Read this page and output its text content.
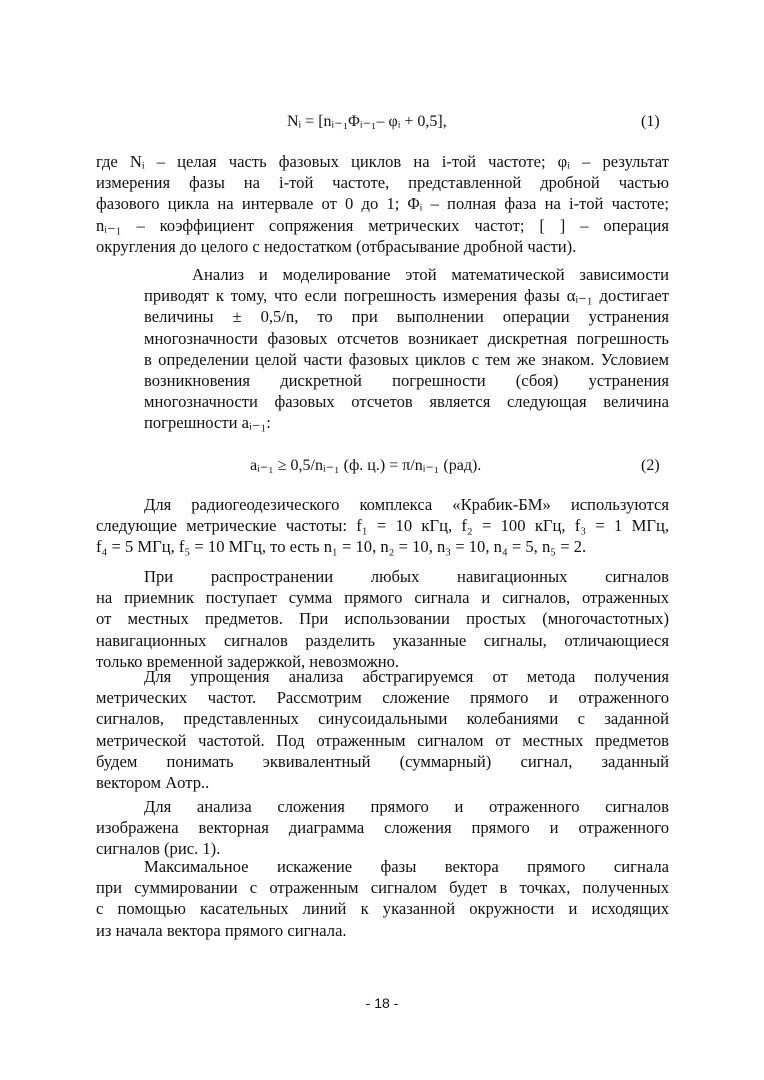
Nᵢ = [nᵢ₋₁Φᵢ₋₁– φᵢ + 0,5],	(1)
где Nᵢ – целая часть фазовых циклов на i-той частоте; φᵢ – результат
измерения фазы на i-той частоте, представленной дробной частью
фазового цикла на интервале от 0 до 1; Φᵢ – полная фаза на i-той частоте;
nᵢ₋₁ – коэффициент сопряжения метрических частот; [ ] – операция
округления до целого с недостатком (отбрасывание дробной части).
Анализ и моделирование этой математической зависимости
приводят к тому, что если погрешность измерения фазы αᵢ₋₁ достигает
величины ± 0,5/n, то при выполнении операции устранения
многозначности фазовых отсчетов возникает дискретная погрешность
в определении целой части фазовых циклов с тем же знаком. Условием
возникновения дискретной погрешности (сбоя) устранения
многозначности фазовых отсчетов является следующая величина
погрешности aᵢ₋₁:
aᵢ₋₁ ≥ 0,5/nᵢ₋₁ (ф. ц.) = π/nᵢ₋₁ (рад).	(2)
Для радиогеодезического комплекса «Крабик-БМ» используются
следующие метрические частоты: f₁ = 10 кГц, f₂ = 100 кГц, f₃ = 1 МГц,
f₄ = 5 МГц, f₅ = 10 МГц, то есть n₁ = 10, n₂ = 10, n₃ = 10, n₄ = 5, n₅ = 2.
При распространении любых навигационных сигналов
на приемник поступает сумма прямого сигнала и сигналов, отраженных
от местных предметов. При использовании простых (многочастотных)
навигационных сигналов разделить указанные сигналы, отличающиеся
только временной задержкой, невозможно.
Для упрощения анализа абстрагируемся от метода получения
метрических частот. Рассмотрим сложение прямого и отраженного
сигналов, представленных синусоидальными колебаниями с заданной
метрической частотой. Под отраженным сигналом от местных предметов
будем понимать эквивалентный (суммарный) сигнал, заданный
вектором Aотр..
Для анализа сложения прямого и отраженного сигналов
изображена векторная диаграмма сложения прямого и отраженного
сигналов (рис. 1).
Максимальное искажение фазы вектора прямого сигнала
при суммировании с отраженным сигналом будет в точках, полученных
с помощью касательных линий к указанной окружности и исходящих
из начала вектора прямого сигнала.
- 18 -
